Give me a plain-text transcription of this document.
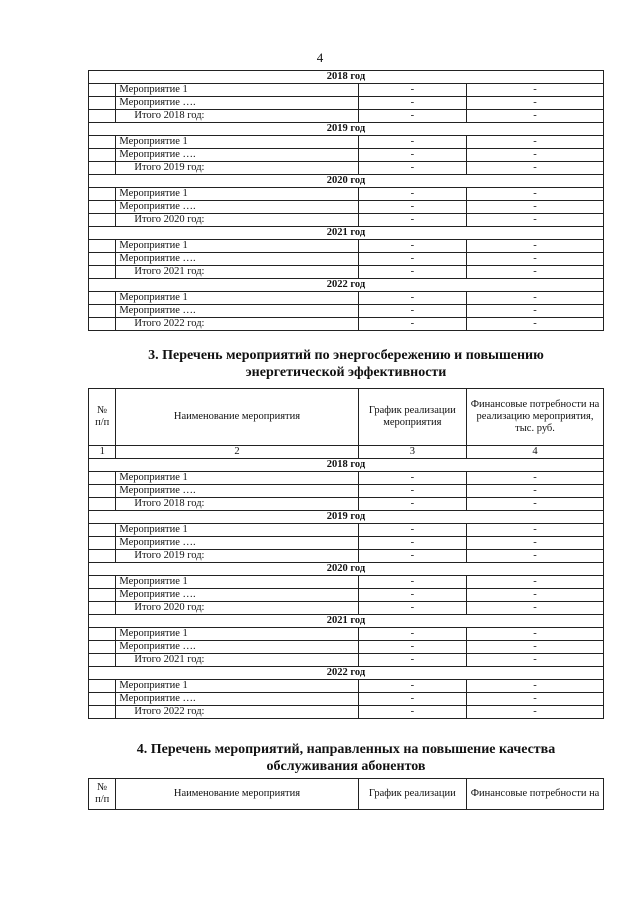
4
2018 год			
	Мероприятие 1	-	-
	Мероприятие ….	-	-
	Итого 2018 год:	-	-
2019 год			
	Мероприятие 1	-	-
	Мероприятие ….	-	-
	Итого 2019 год:	-	-
2020 год			
	Мероприятие 1	-	-
	Мероприятие ….	-	-
	Итого 2020 год:	-	-
2021 год			
	Мероприятие 1	-	-
	Мероприятие ….	-	-
	Итого 2021 год:	-	-
2022 год			
	Мероприятие 1	-	-
	Мероприятие ….	-	-
	Итого 2022 год:	-	-
3. Перечень мероприятий по энергосбережению и повышению
энергетической эффективности
№ п/п	Наименование мероприятия	График реализации мероприятия	Финансовые потребности на реализацию мероприятия, тыс. руб.
1	2	3	4
2018 год			
	Мероприятие 1	-	-
	Мероприятие ….	-	-
	Итого 2018 год:	-	-
2019 год			
	Мероприятие 1	-	-
	Мероприятие ….	-	-
	Итого 2019 год:	-	-
2020 год			
	Мероприятие 1	-	-
	Мероприятие ….	-	-
	Итого 2020 год:	-	-
2021 год			
	Мероприятие 1	-	-
	Мероприятие ….	-	-
	Итого 2021 год:	-	-
2022 год			
	Мероприятие 1	-	-
	Мероприятие ….	-	-
	Итого 2022 год:	-	-
4. Перечень мероприятий, направленных на повышение качества
обслуживания абонентов
№ п/п	Наименование мероприятия	График реализации	Финансовые потребности на
